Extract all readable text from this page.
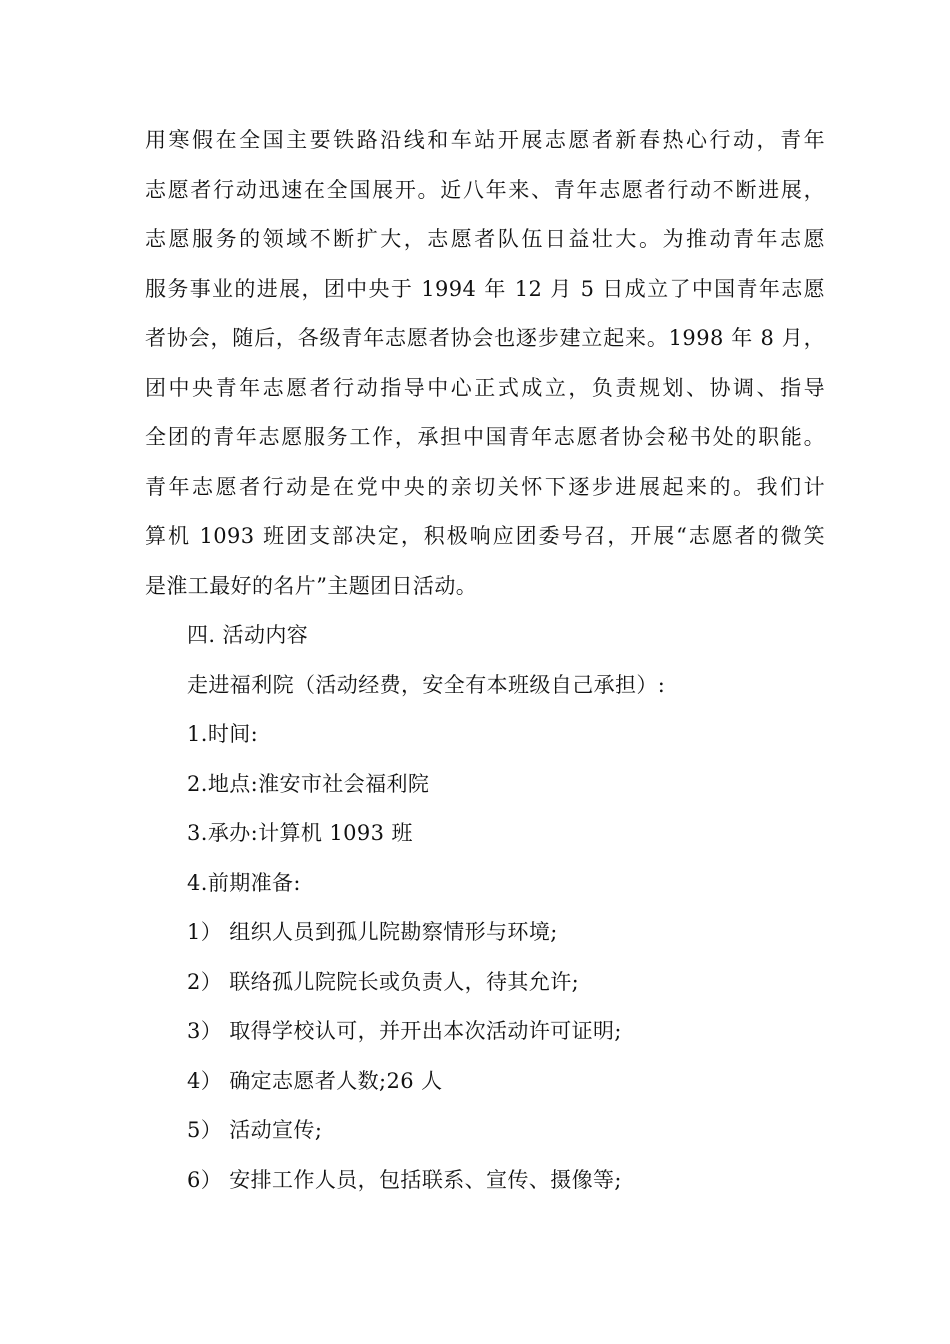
用寒假在全国主要铁路沿线和车站开展志愿者新春热心行动，青年
志愿者行动迅速在全国展开。近八年来、青年志愿者行动不断进展，
志愿服务的领域不断扩大，志愿者队伍日益壮大。为推动青年志愿
服务事业的进展，团中央于 1994 年 12 月 5 日成立了中国青年志愿
者协会，随后，各级青年志愿者协会也逐步建立起来。1998 年 8 月，
团中央青年志愿者行动指导中心正式成立，负责规划、协调、指导
全团的青年志愿服务工作，承担中国青年志愿者协会秘书处的职能。
青年志愿者行动是在党中央的亲切关怀下逐步进展起来的。我们计
算机 1093 班团支部决定，积极响应团委号召，开展“志愿者的微笑
是淮工最好的名片”主题团日活动。
四. 活动内容
走进福利院（活动经费，安全有本班级自己承担）:
1.时间:
2.地点:淮安市社会福利院
3.承办:计算机 1093 班
4.前期准备:
1） 组织人员到孤儿院勘察情形与环境;
2） 联络孤儿院院长或负责人，待其允许;
3） 取得学校认可，并开出本次活动许可证明;
4） 确定志愿者人数;26 人
5） 活动宣传;
6） 安排工作人员，包括联系、宣传、摄像等;
